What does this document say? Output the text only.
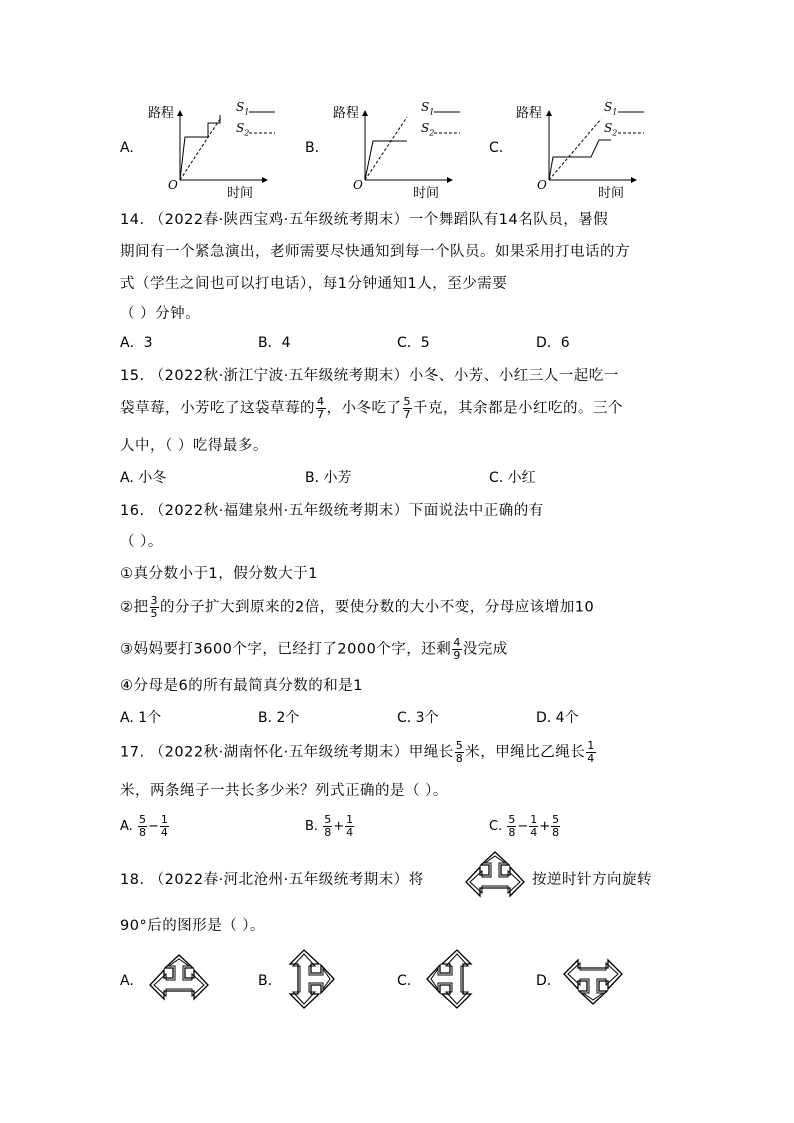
A.	B.	C.
路程
时间
O
$S_1$
$S_2$
路程
时间
O
$S_1$
$S_2$
路程
时间
O
$S_1$
$S_2$
14. （2022春·陕西宝鸡·五年级统考期末）一个舞蹈队有14名队员，暑假
期间有一个紧急演出，老师需要尽快通知到每一个队员。如果采用打电话的方
式（学生之间也可以打电话），每1分钟通知1人，至少需要
（ ）分钟。
A．3	B．4	C．5	D．6
15. （2022秋·浙江宁波·五年级统考期末）小冬、小芳、小红三人一起吃一
袋草莓，小芳吃了这袋草莓的 $\frac{4}{7}$ ，小冬吃了 $\frac{5}{7}$ 千克，其余都是小红吃的。三个
人中，（ ）吃得最多。
A. 小冬	B. 小芳	C. 小红
16. （2022秋·福建泉州·五年级统考期末）下面说法中正确的有
（ ）。
①真分数小于1，假分数大于1
②把 $\frac{3}{5}$ 的分子扩大到原来的2倍，要使分数的大小不变，分母应该增加10
③妈妈要打3600个字，已经打了2000个字，还剩 $\frac{4}{9}$ 没完成
④分母是6的所有最简真分数的和是1
A. 1个	B. 2个	C. 3个	D. 4个
17. （2022秋·湖南怀化·五年级统考期末）甲绳长 $\frac{5}{8}$ 米，甲绳比乙绳长 $\frac{1}{4}$
米，两条绳子一共长多少米？列式正确的是（ ）。
A. $\frac{5}{8} - \frac{1}{4}$	B. $\frac{5}{8} + \frac{1}{4}$	C. $\frac{5}{8} - \frac{1}{4} + \frac{5}{8}$
18. （2022春·河北沧州·五年级统考期末）将	按逆时针方向旋转
90°后的图形是（ ）。
A.	B.	C.	D.
